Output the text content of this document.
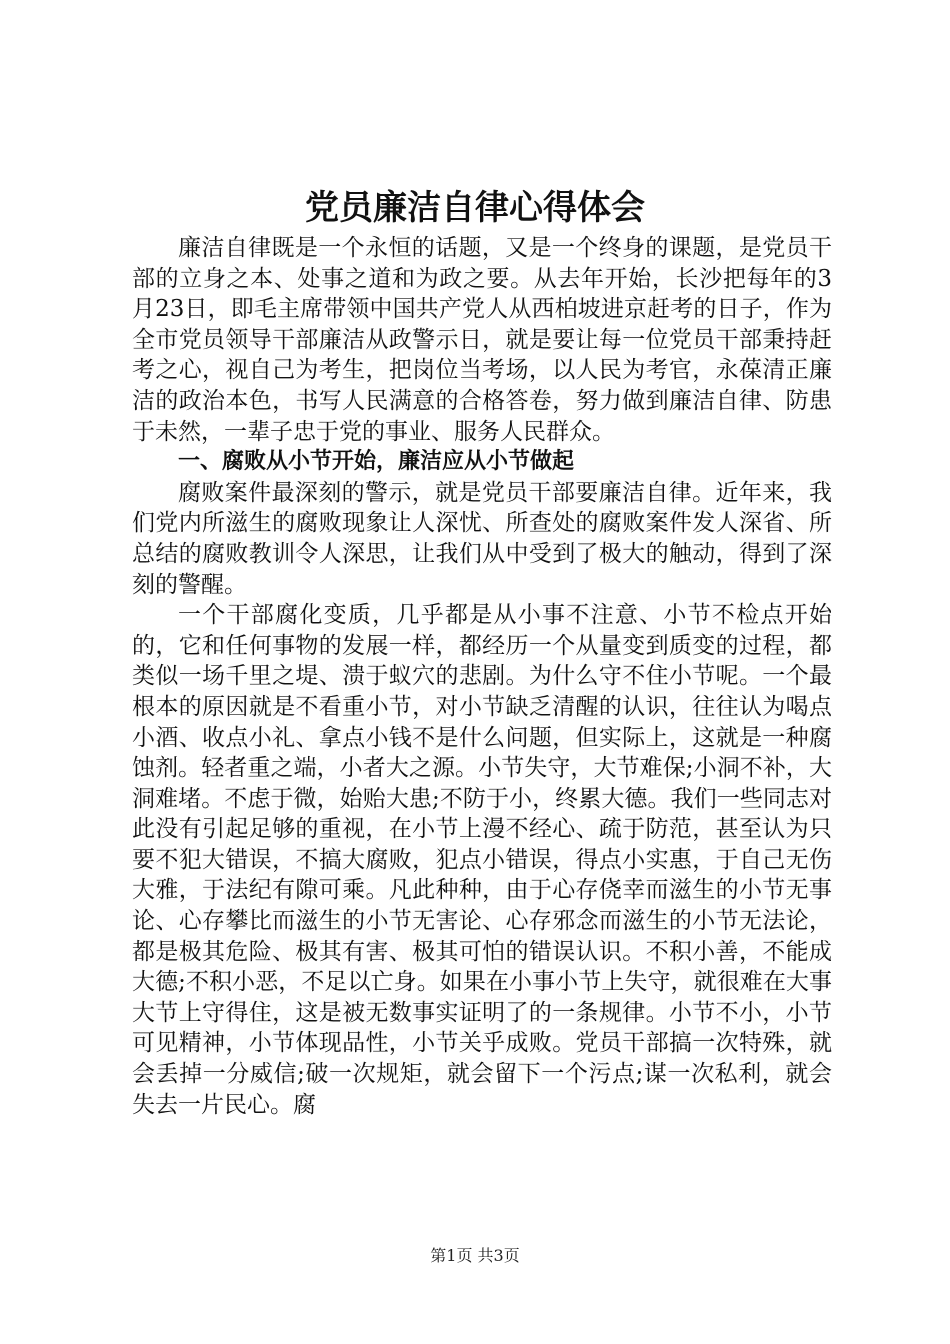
党员廉洁自律心得体会

廉洁自律既是一个永恒的话题，又是一个终身的课题，是党员干部的立身之本、处事之道和为政之要。从去年开始，长沙把每年的3月23日，即毛主席带领中国共产党人从西柏坡进京赶考的日子，作为全市党员领导干部廉洁从政警示日，就是要让每一位党员干部秉持赶考之心，视自己为考生，把岗位当考场，以人民为考官，永葆清正廉洁的政治本色，书写人民满意的合格答卷，努力做到廉洁自律、防患于未然，一辈子忠于党的事业、服务人民群众。

一、腐败从小节开始，廉洁应从小节做起

腐败案件最深刻的警示，就是党员干部要廉洁自律。近年来，我们党内所滋生的腐败现象让人深忧、所查处的腐败案件发人深省、所总结的腐败教训令人深思，让我们从中受到了极大的触动，得到了深刻的警醒。

一个干部腐化变质，几乎都是从小事不注意、小节不检点开始的，它和任何事物的发展一样，都经历一个从量变到质变的过程，都类似一场千里之堤、溃于蚁穴的悲剧。为什么守不住小节呢。一个最根本的原因就是不看重小节，对小节缺乏清醒的认识，往往认为喝点小酒、收点小礼、拿点小钱不是什么问题，但实际上，这就是一种腐蚀剂。轻者重之端，小者大之源。小节失守，大节难保;小洞不补，大洞难堵。不虑于微，始贻大患;不防于小，终累大德。我们一些同志对此没有引起足够的重视，在小节上漫不经心、疏于防范，甚至认为只要不犯大错误，不搞大腐败，犯点小错误，得点小实惠，于自己无伤大雅，于法纪有隙可乘。凡此种种，由于心存侥幸而滋生的小节无事论、心存攀比而滋生的小节无害论、心存邪念而滋生的小节无法论，都是极其危险、极其有害、极其可怕的错误认识。不积小善，不能成大德;不积小恶，不足以亡身。如果在小事小节上失守，就很难在大事大节上守得住，这是被无数事实证明了的一条规律。小节不小，小节可见精神，小节体现品性，小节关乎成败。党员干部搞一次特殊，就会丢掉一分威信;破一次规矩，就会留下一个污点;谋一次私利，就会失去一片民心。腐

第1页 共3页
